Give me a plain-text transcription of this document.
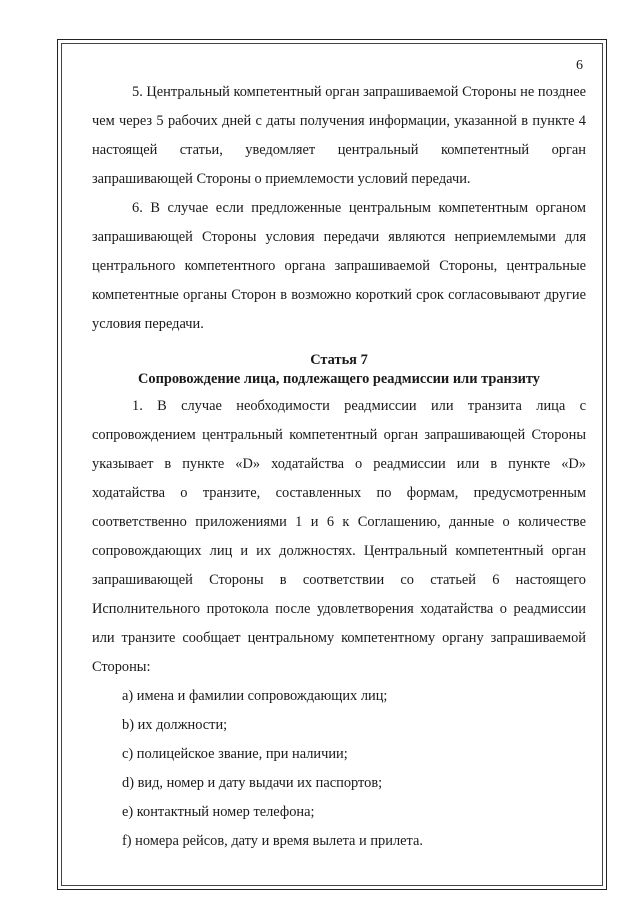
6

5. Центральный компетентный орган запрашиваемой Стороны не позднее чем через 5 рабочих дней с даты получения информации, указанной в пункте 4 настоящей статьи, уведомляет центральный компетентный орган запрашивающей Стороны о приемлемости условий передачи.

6. В случае если предложенные центральным компетентным органом запрашивающей Стороны условия передачи являются неприемлемыми для центрального компетентного органа запрашиваемой Стороны, центральные компетентные органы Сторон в возможно короткий срок согласовывают другие условия передачи.

Статья 7
Сопровождение лица, подлежащего реадмиссии или транзиту

1. В случае необходимости реадмиссии или транзита лица с сопровождением центральный компетентный орган запрашивающей Стороны указывает в пункте «D» ходатайства о реадмиссии или в пункте «D» ходатайства о транзите, составленных по формам, предусмотренным соответственно приложениями 1 и 6 к Соглашению, данные о количестве сопровождающих лиц и их должностях. Центральный компетентный орган запрашивающей Стороны в соответствии со статьей 6 настоящего Исполнительного протокола после удовлетворения ходатайства о реадмиссии или транзите сообщает центральному компетентному органу запрашиваемой Стороны:

a) имена и фамилии сопровождающих лиц;
b) их должности;
c) полицейское звание, при наличии;
d) вид, номер и дату выдачи их паспортов;
e) контактный номер телефона;
f) номера рейсов, дату и время вылета и прилета.
